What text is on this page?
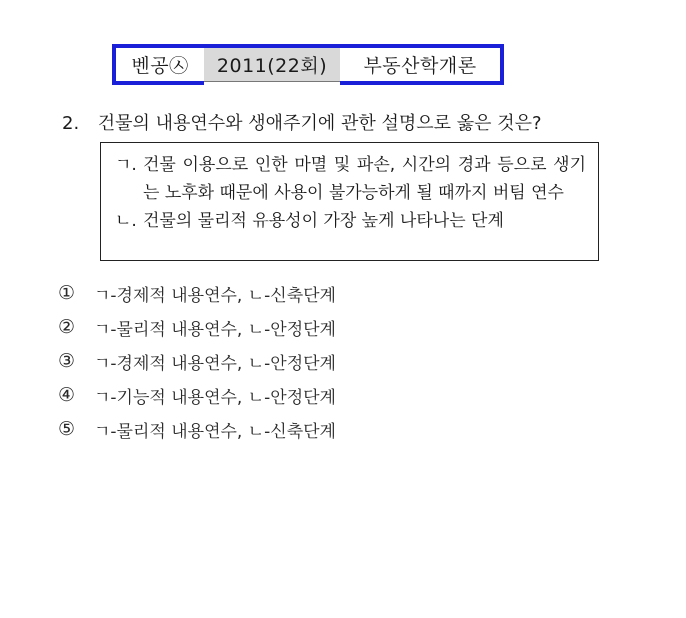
벤공㉦	2011(22회)	부동산학개론
2. 건물의 내용연수와 생애주기에 관한 설명으로 옳은 것은?
ㄱ. 건물 이용으로 인한 마멸 및 파손, 시간의 경과 등으로 생기는 노후화 때문에 사용이 불가능하게 될 때까지 버팀 연수
ㄴ. 건물의 물리적 유용성이 가장 높게 나타나는 단계
①	ㄱ-경제적 내용연수, ㄴ-신축단계
②	ㄱ-물리적 내용연수, ㄴ-안정단계
③	ㄱ-경제적 내용연수, ㄴ-안정단계
④	ㄱ-기능적 내용연수, ㄴ-안정단계
⑤	ㄱ-물리적 내용연수, ㄴ-신축단계
